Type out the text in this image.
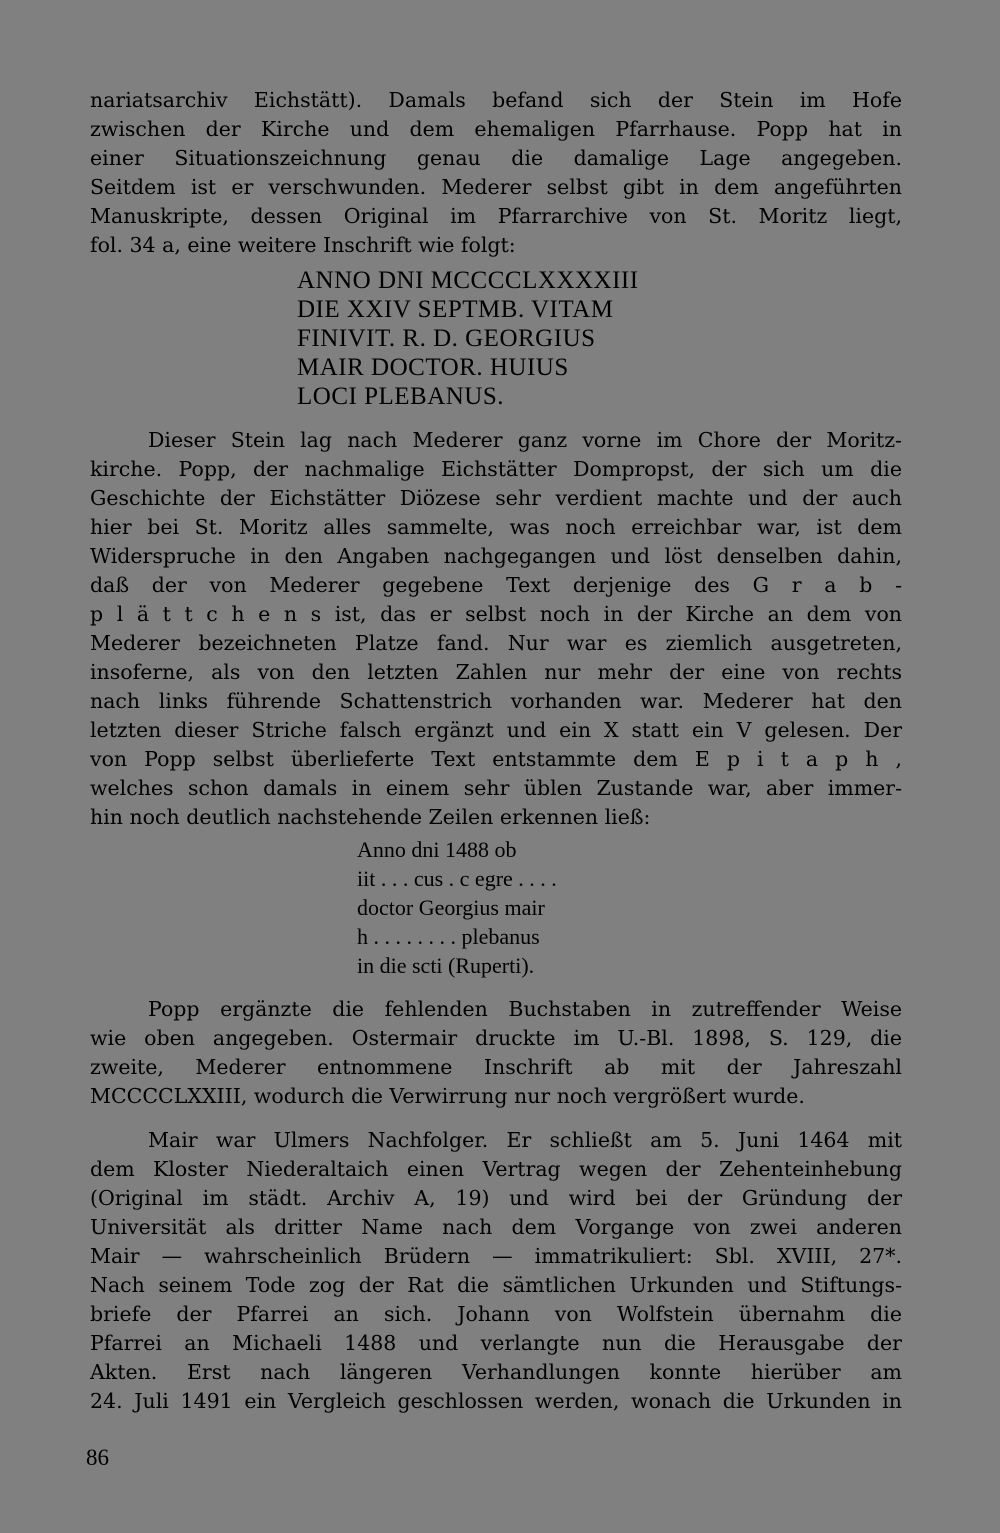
nariatsarchiv Eichstätt). Damals befand sich der Stein im Hofe
zwischen der Kirche und dem ehemaligen Pfarrhause. Popp hat in
einer Situationszeichnung genau die damalige Lage angegeben.
Seitdem ist er verschwunden. Mederer selbst gibt in dem angeführten
Manuskripte, dessen Original im Pfarrarchive von St. Moritz liegt,
fol. 34 a, eine weitere Inschrift wie folgt:
ANNO DNI MCCCCLXXXXIII
DIE XXIV SEPTMB. VITAM
FINIVIT. R. D. GEORGIUS
MAIR DOCTOR. HUIUS
LOCI PLEBANUS.
Dieser Stein lag nach Mederer ganz vorne im Chore der Moritz-
kirche. Popp, der nachmalige Eichstätter Dompropst, der sich um die
Geschichte der Eichstätter Diözese sehr verdient machte und der auch
hier bei St. Moritz alles sammelte, was noch erreichbar war, ist dem
Widerspruche in den Angaben nachgegangen und löst denselben dahin,
daß der von Mederer gegebene Text derjenige des G r a b -
p l ä t t c h e n s ist, das er selbst noch in der Kirche an dem von
Mederer bezeichneten Platze fand. Nur war es ziemlich ausgetreten,
insoferne, als von den letzten Zahlen nur mehr der eine von rechts
nach links führende Schattenstrich vorhanden war. Mederer hat den
letzten dieser Striche falsch ergänzt und ein X statt ein V gelesen. Der
von Popp selbst überlieferte Text entstammte dem E p i t a p h ,
welches schon damals in einem sehr üblen Zustande war, aber immer-
hin noch deutlich nachstehende Zeilen erkennen ließ:
Anno dni 1488 ob
iit . . . cus . c egre . . . .
doctor Georgius mair
h . . . . . . . . plebanus
in die scti (Ruperti).
Popp ergänzte die fehlenden Buchstaben in zutreffender Weise
wie oben angegeben. Ostermair druckte im U.-Bl. 1898, S. 129, die
zweite, Mederer entnommene Inschrift ab mit der Jahreszahl
MCCCCLXXIII, wodurch die Verwirrung nur noch vergrößert wurde.
Mair war Ulmers Nachfolger. Er schließt am 5. Juni 1464 mit
dem Kloster Niederaltaich einen Vertrag wegen der Zehenteinhebung
(Original im städt. Archiv A, 19) und wird bei der Gründung der
Universität als dritter Name nach dem Vorgange von zwei anderen
Mair — wahrscheinlich Brüdern — immatrikuliert: Sbl. XVIII, 27*.
Nach seinem Tode zog der Rat die sämtlichen Urkunden und Stiftungs-
briefe der Pfarrei an sich. Johann von Wolfstein übernahm die
Pfarrei an Michaeli 1488 und verlangte nun die Herausgabe der
Akten. Erst nach längeren Verhandlungen konnte hierüber am
24. Juli 1491 ein Vergleich geschlossen werden, wonach die Urkunden in
86
